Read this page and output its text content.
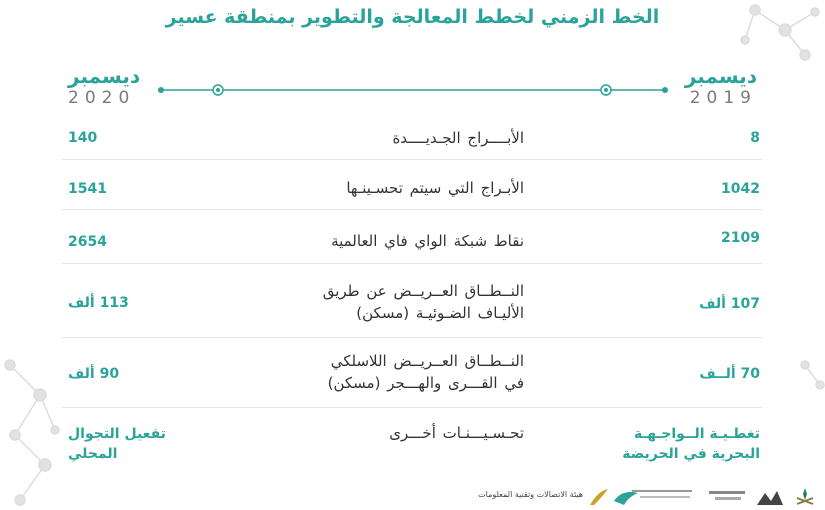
الخط الزمني لخطط المعالجة والتطوير بمنطقة عسير
ديسمبر
2019
ديسمبر
2020
8
الأبــــراج الجـديــــدة
140
1042
الأبـراج التي سيتم تحسـينـها
1541
2109
نقاط شبكة الواي فاي العالمية
2654
107 ألف
النــطــاق العــريــض عن طريق
الأليـاف الضـوئيـة (مسكن)
113 ألف
70 ألــف
النــطــاق العــريــض اللاسلكي
في القـــرى والهـــجر (مسكن)
90 ألف
تغطـيـة الــواجـهـة
البحرية في الحريضة
تحـسـيـــنـات أخـــرى
تفعيل التجوال
المحلي
هيئة الاتصالات وتقنية المعلومات
